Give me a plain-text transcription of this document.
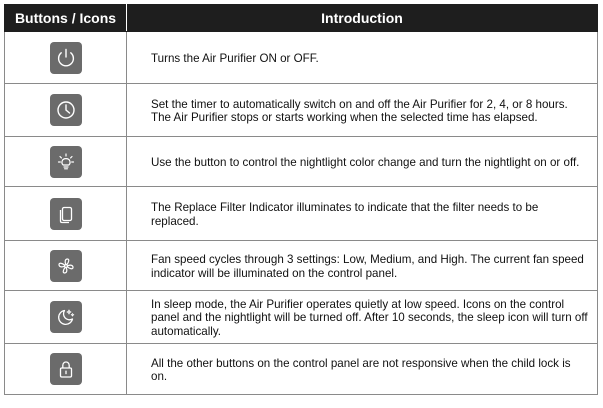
Buttons / Icons	Introduction

	Turns the Air Purifier ON or OFF.

	Set the timer to automatically switch on and off the Air Purifier for 2, 4, or 8 hours. The Air Purifier stops or starts working when the selected time has elapsed.

	Use the button to control the nightlight color change and turn the nightlight on or off.

	The Replace Filter Indicator illuminates to indicate that the filter needs to be replaced.

	Fan speed cycles through 3 settings: Low, Medium, and High. The current fan speed indicator will be illuminated on the control panel.

	In sleep mode, the Air Purifier operates quietly at low speed. Icons on the control panel and the nightlight will be turned off. After 10 seconds, the sleep icon will turn off automatically.

	All the other buttons on the control panel are not responsive when the child lock is on.
